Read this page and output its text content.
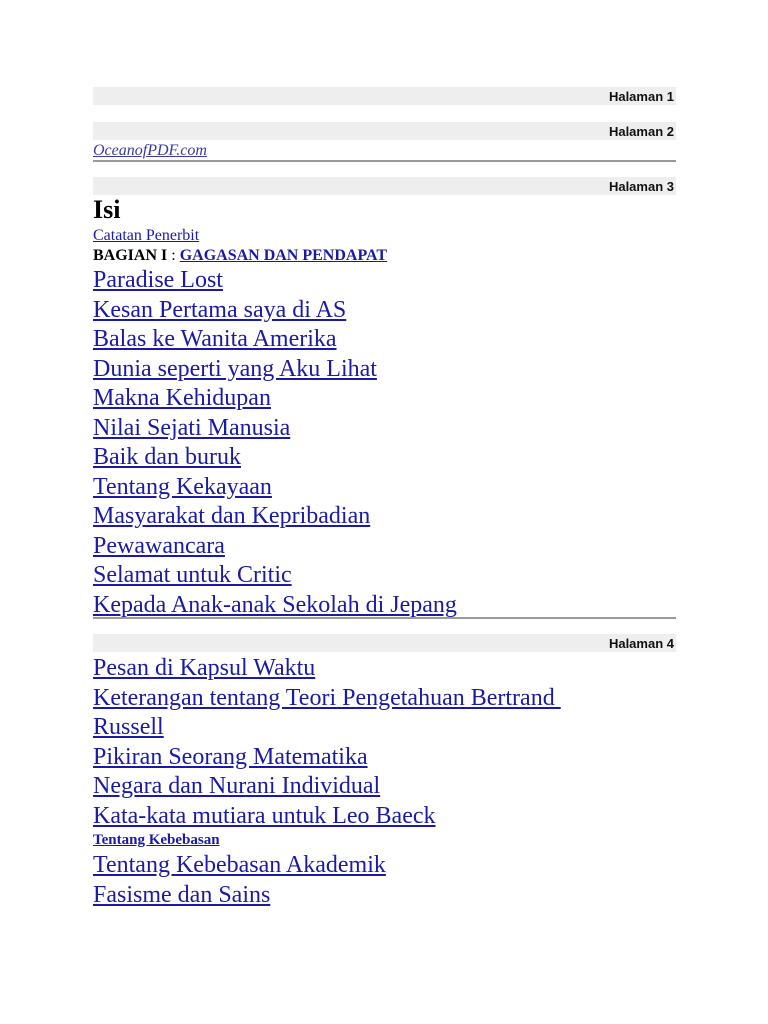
Halaman 1
Halaman 2
OceanofPDF.com
Halaman 3
Isi
Catatan Penerbit
BAGIAN I : GAGASAN DAN PENDAPAT
Paradise Lost
Kesan Pertama saya di AS
Balas ke Wanita Amerika
Dunia seperti yang Aku Lihat
Makna Kehidupan
Nilai Sejati Manusia
Baik dan buruk
Tentang Kekayaan
Masyarakat dan Kepribadian
Pewawancara
Selamat untuk Critic
Kepada Anak-anak Sekolah di Jepang
Halaman 4
Pesan di Kapsul Waktu
Keterangan tentang Teori Pengetahuan Bertrand
Russell
Pikiran Seorang Matematika
Negara dan Nurani Individual
Kata-kata mutiara untuk Leo Baeck
Tentang Kebebasan
Tentang Kebebasan Akademik
Fasisme dan Sains
